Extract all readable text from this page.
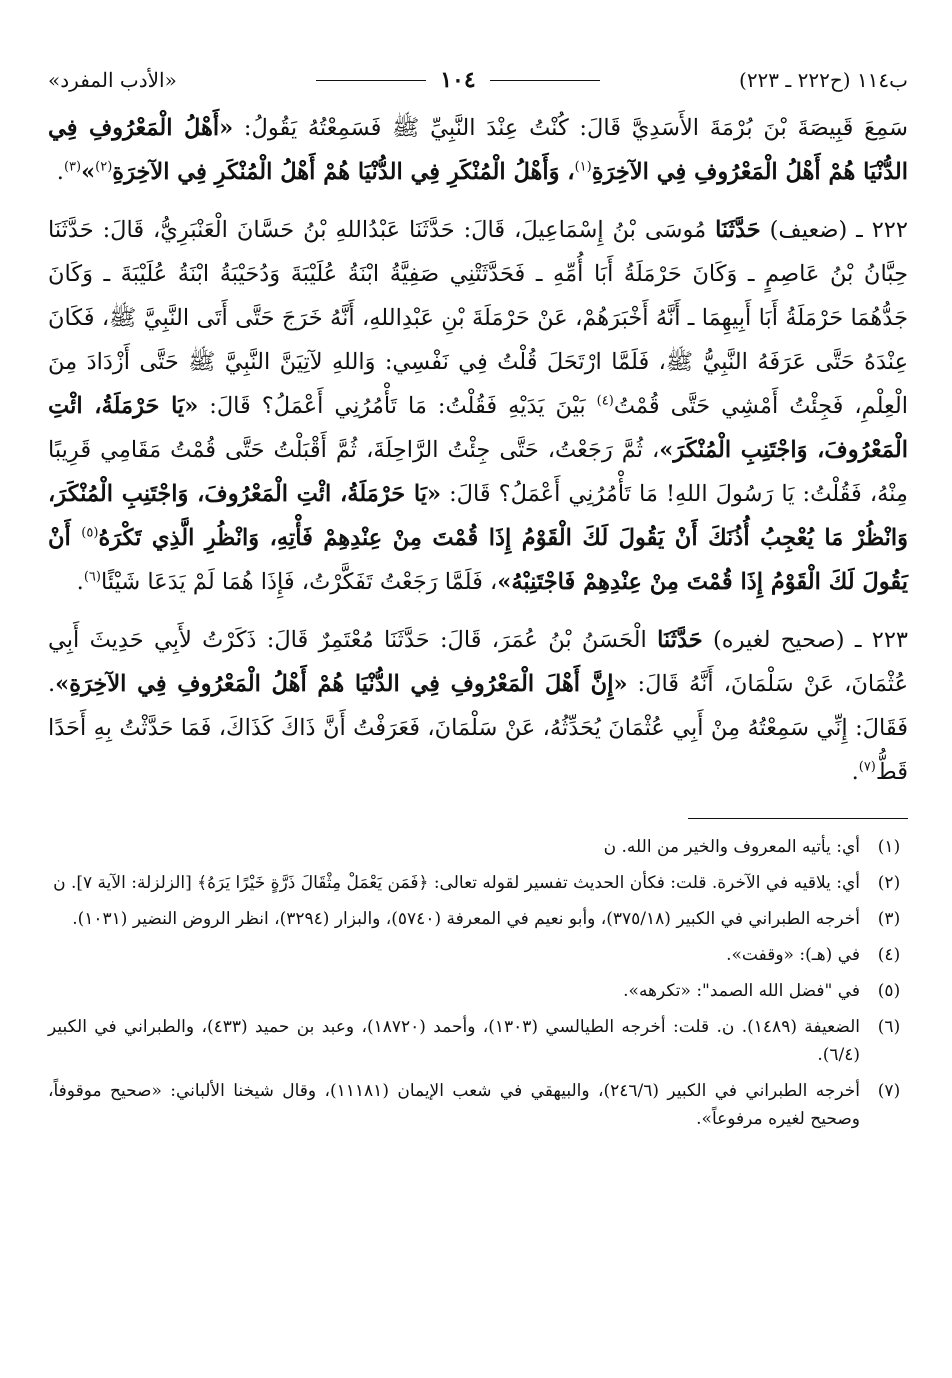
ب١١٤ (ح٢٢٢ ـ ٢٢٣)
١٠٤
«الأدب المفرد»

سَمِعَ قَبِيصَةَ بْنَ بُرْمَةَ الأَسَدِيَّ قَالَ: كُنْتُ عِنْدَ النَّبِيِّ ﷺ فَسَمِعْتُهُ يَقُولُ: «أَهْلُ الْمَعْرُوفِ فِي الدُّنْيَا هُمْ أَهْلُ الْمَعْرُوفِ فِي الآخِرَةِ$^{(١)}$، وَأَهْلُ الْمُنْكَرِ فِي الدُّنْيَا هُمْ أَهْلُ الْمُنْكَرِ فِي الآخِرَةِ$^{(٢)}$»$^{(٣)}$.

٢٢٢ ـ (ضعيف) حَدَّثَنَا مُوسَى بْنُ إِسْمَاعِيلَ، قَالَ: حَدَّثَنَا عَبْدُاللهِ بْنُ حَسَّانَ الْعَنْبَرِيُّ، قَالَ: حَدَّثَنَا حِبَّانُ بْنُ عَاصِمٍ ـ وَكَانَ حَرْمَلَةُ أَبَا أُمِّهِ ـ فَحَدَّثَتْنِي صَفِيَّةُ ابْنَةُ عُلَيْبَةَ وَدُحَيْبَةُ ابْنَةُ عُلَيْبَةَ ـ وَكَانَ جَدُّهُمَا حَرْمَلَةُ أَبَا أَبِيهِمَا ـ أَنَّهُ أَخْبَرَهُمْ، عَنْ حَرْمَلَةَ بْنِ عَبْدِاللهِ، أَنَّهُ خَرَجَ حَتَّى أَتَى النَّبِيَّ ﷺ، فَكَانَ عِنْدَهُ حَتَّى عَرَفَهُ النَّبِيُّ ﷺ، فَلَمَّا ارْتَحَلَ قُلْتُ فِي نَفْسِي: وَاللهِ لآتِيَنَّ النَّبِيَّ ﷺ حَتَّى أَزْدَادَ مِنَ الْعِلْمِ، فَجِئْتُ أَمْشِي حَتَّى قُمْتُ$^{(٤)}$ بَيْنَ يَدَيْهِ فَقُلْتُ: مَا تَأْمُرُنِي أَعْمَلُ؟ قَالَ: «يَا حَرْمَلَةُ، ائْتِ الْمَعْرُوفَ، وَاجْتَنِبِ الْمُنْكَرَ»، ثُمَّ رَجَعْتُ، حَتَّى جِئْتُ الرَّاحِلَةَ، ثُمَّ أَقْبَلْتُ حَتَّى قُمْتُ مَقَامِي قَرِيبًا مِنْهُ، فَقُلْتُ: يَا رَسُولَ اللهِ! مَا تَأْمُرُنِي أَعْمَلُ؟ قَالَ: «يَا حَرْمَلَةُ، ائْتِ الْمَعْرُوفَ، وَاجْتَنِبِ الْمُنْكَرَ، وَانْظُرْ مَا يُعْجِبُ أُذُنَكَ أَنْ يَقُولَ لَكَ الْقَوْمُ إِذَا قُمْتَ مِنْ عِنْدِهِمْ فَأْتِهِ، وَانْظُرِ الَّذِي تَكْرَهُ$^{(٥)}$ أَنْ يَقُولَ لَكَ الْقَوْمُ إِذَا قُمْتَ مِنْ عِنْدِهِمْ فَاجْتَنِبْهُ»، فَلَمَّا رَجَعْتُ تَفَكَّرْتُ، فَإِذَا هُمَا لَمْ يَدَعَا شَيْئًا$^{(٦)}$.

٢٢٣ ـ (صحيح لغيره) حَدَّثَنَا الْحَسَنُ بْنُ عُمَرَ، قَالَ: حَدَّثَنَا مُعْتَمِرٌ قَالَ: ذَكَرْتُ لأَبِي حَدِيثَ أَبِي عُثْمَانَ، عَنْ سَلْمَانَ، أَنَّهُ قَالَ: «إِنَّ أَهْلَ الْمَعْرُوفِ فِي الدُّنْيَا هُمْ أَهْلُ الْمَعْرُوفِ فِي الآخِرَةِ». فَقَالَ: إِنِّي سَمِعْتُهُ مِنْ أَبِي عُثْمَانَ يُحَدِّثُهُ، عَنْ سَلْمَانَ، فَعَرَفْتُ أَنَّ ذَاكَ كَذَاكَ، فَمَا حَدَّثْتُ بِهِ أَحَدًا قَطُّ$^{(٧)}$.

(١)
أي: يأتيه المعروف والخير من الله. ن
(٢)
أي: يلاقيه في الآخرة. قلت: فكأن الحديث تفسير لقوله تعالى: ﴿فَمَن يَعْمَلْ مِثْقَالَ ذَرَّةٍ خَيْرًا يَرَهُ﴾ [الزلزلة: الآية ٧]. ن
(٣)
أخرجه الطبراني في الكبير (٣٧٥/١٨)، وأبو نعيم في المعرفة (٥٧٤٠)، والبزار (٣٢٩٤)، انظر الروض النضير (١٠٣١).
(٤)
في (هـ): «وقفت».
(٥)
في "فضل الله الصمد": «تكرهه».
(٦)
الضعيفة (١٤٨٩). ن. قلت: أخرجه الطيالسي (١٣٠٣)، وأحمد (١٨٧٢٠)، وعبد بن حميد (٤٣٣)، والطبراني في الكبير (٦/٤).
(٧)
أخرجه الطبراني في الكبير (٢٤٦/٦)، والبيهقي في شعب الإيمان (١١١٨١)، وقال شيخنا الألباني: «صحيح موقوفاً، وصحيح لغيره مرفوعاً».
